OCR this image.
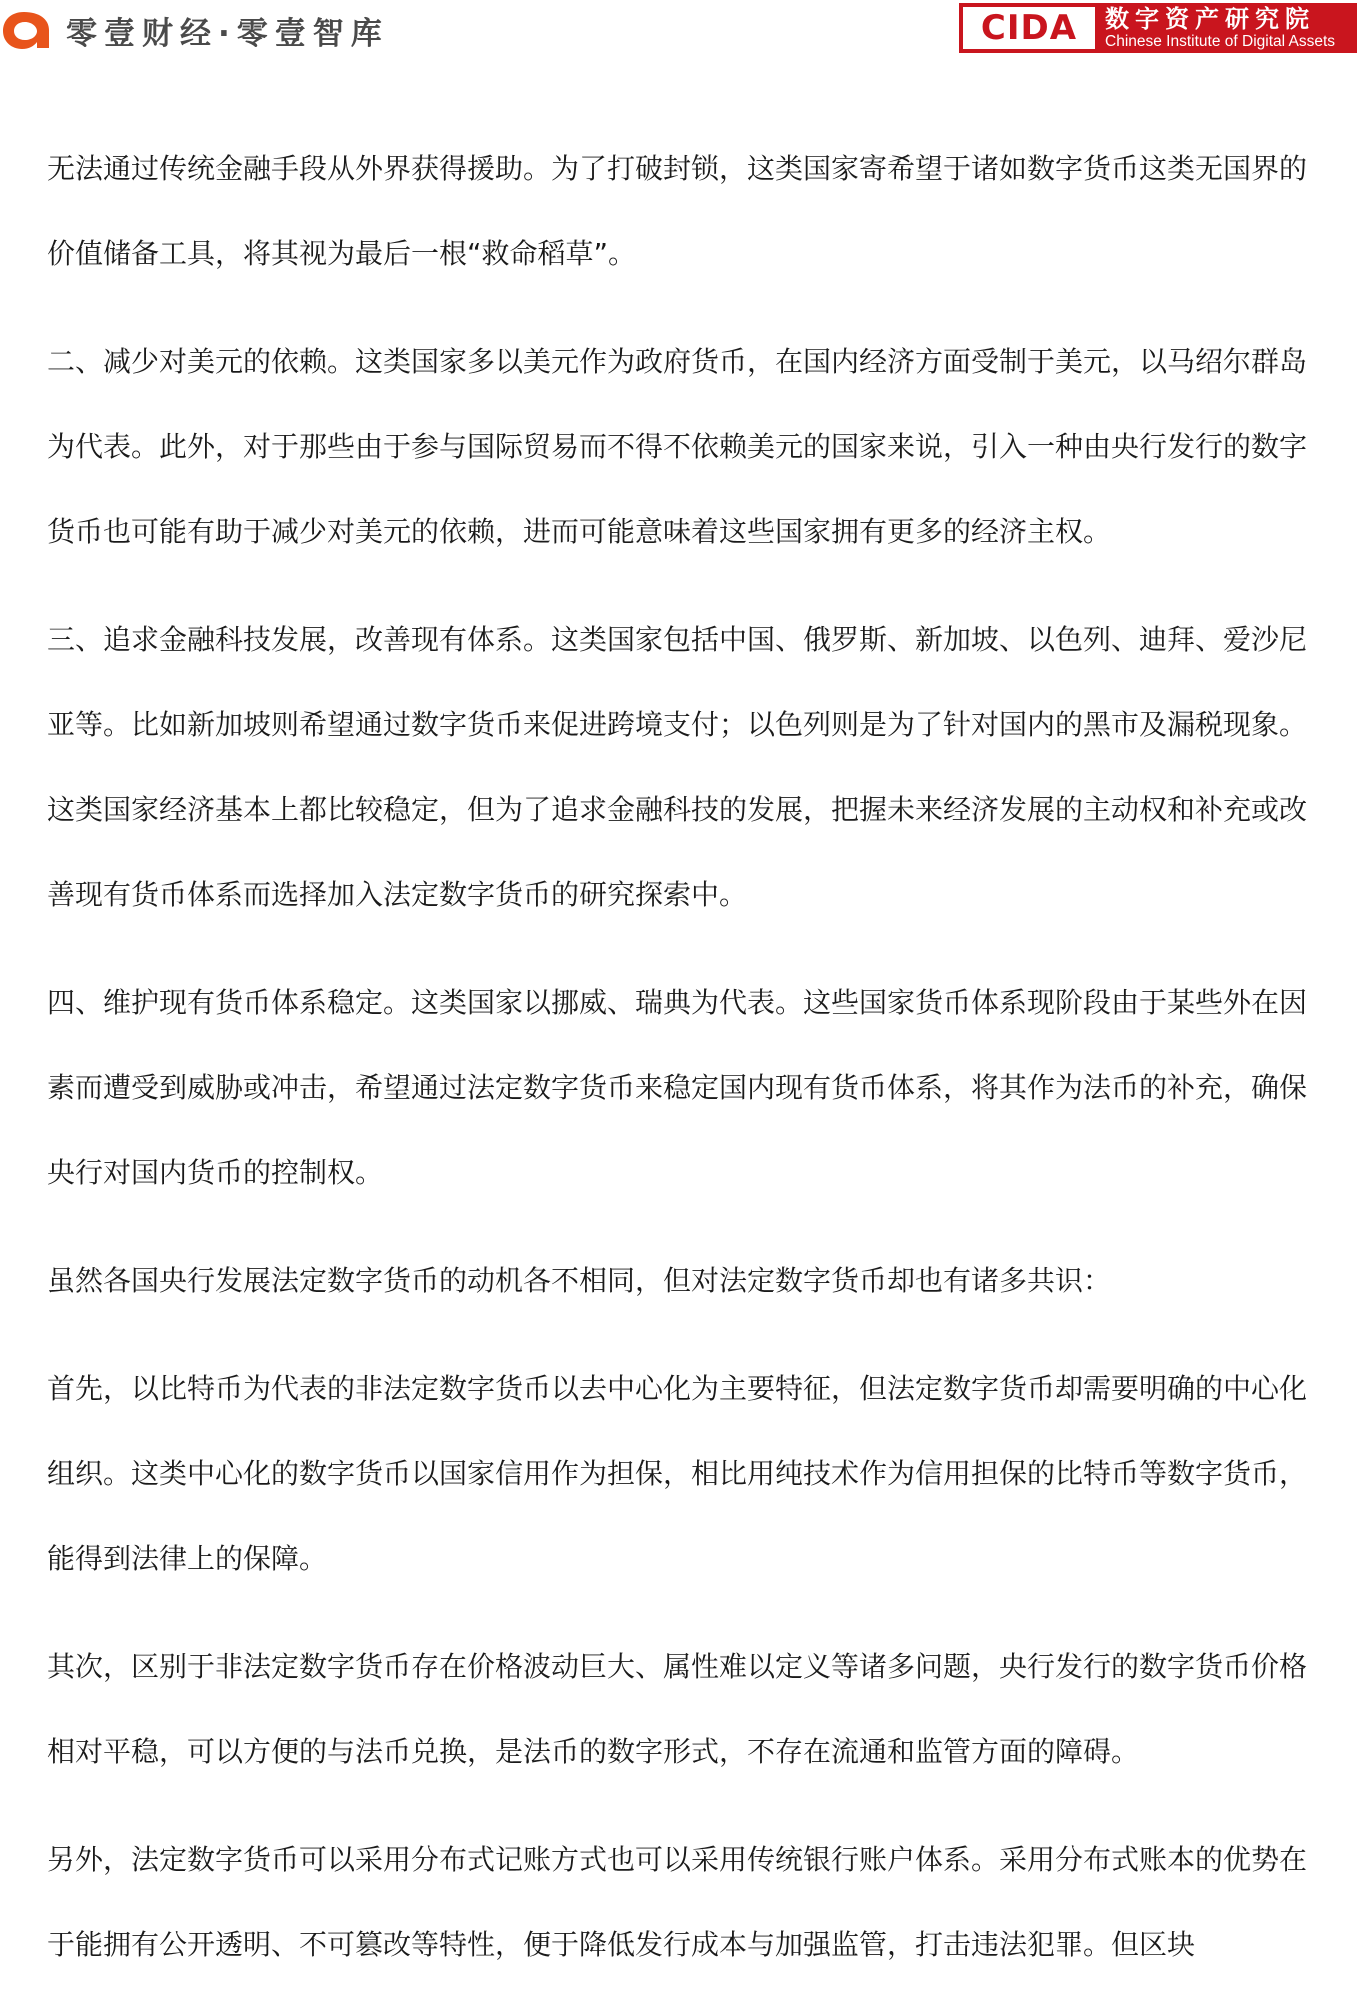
零壹财经·零壹智库	CIDA	数字资产研究院
Chinese Institute of Digital Assets

无法通过传统金融手段从外界获得援助。为了打破封锁，这类国家寄希望于诸如数字货币这类无国界的价值储备工具，将其视为最后一根“救命稻草”。

二、减少对美元的依赖。这类国家多以美元作为政府货币，在国内经济方面受制于美元，以马绍尔群岛为代表。此外，对于那些由于参与国际贸易而不得不依赖美元的国家来说，引入一种由央行发行的数字货币也可能有助于减少对美元的依赖，进而可能意味着这些国家拥有更多的经济主权。

三、追求金融科技发展，改善现有体系。这类国家包括中国、俄罗斯、新加坡、以色列、迪拜、爱沙尼亚等。比如新加坡则希望通过数字货币来促进跨境支付；以色列则是为了针对国内的黑市及漏税现象。这类国家经济基本上都比较稳定，但为了追求金融科技的发展，把握未来经济发展的主动权和补充或改善现有货币体系而选择加入法定数字货币的研究探索中。

四、维护现有货币体系稳定。这类国家以挪威、瑞典为代表。这些国家货币体系现阶段由于某些外在因素而遭受到威胁或冲击，希望通过法定数字货币来稳定国内现有货币体系，将其作为法币的补充，确保央行对国内货币的控制权。

虽然各国央行发展法定数字货币的动机各不相同，但对法定数字货币却也有诸多共识：

首先，以比特币为代表的非法定数字货币以去中心化为主要特征，但法定数字货币却需要明确的中心化组织。这类中心化的数字货币以国家信用作为担保，相比用纯技术作为信用担保的比特币等数字货币，能得到法律上的保障。

其次，区别于非法定数字货币存在价格波动巨大、属性难以定义等诸多问题，央行发行的数字货币价格相对平稳，可以方便的与法币兑换，是法币的数字形式，不存在流通和监管方面的障碍。

另外，法定数字货币可以采用分布式记账方式也可以采用传统银行账户体系。采用分布式账本的优势在于能拥有公开透明、不可篡改等特性，便于降低发行成本与加强监管，打击违法犯罪。但区块
